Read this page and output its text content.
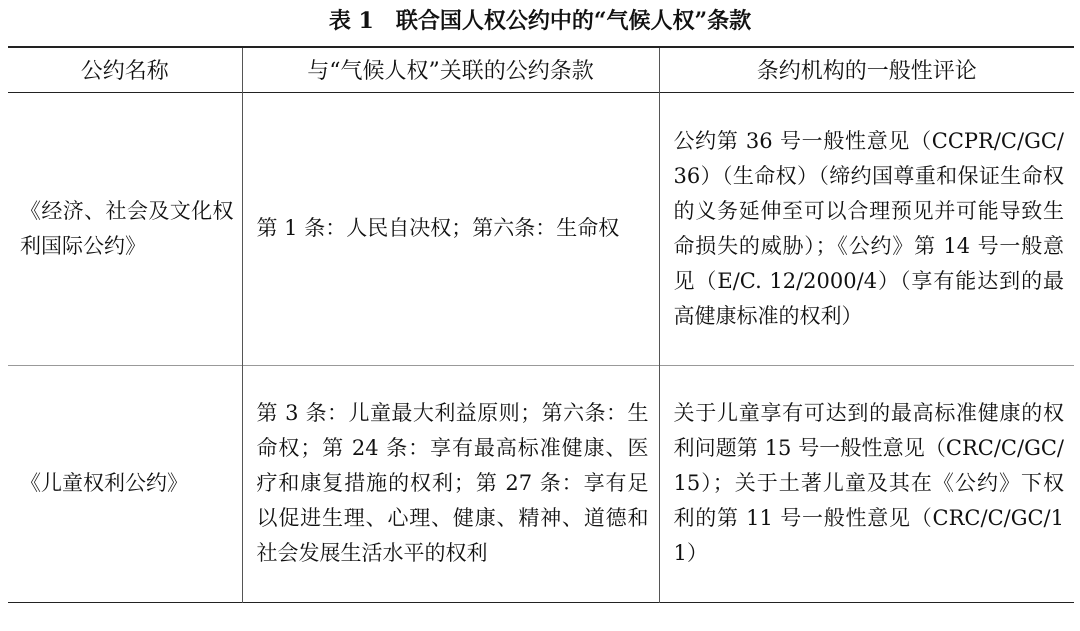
表 1 联合国人权公约中的“气候人权”条款
公约名称	与“气候人权”关联的公约条款	条约机构的一般性评论
《经济、社会及文化权利国际公约》	第 1 条：人民自决权；第六条：生命权	公约第 36 号一般性意见（CCPR/C/GC/36）（生命权）（缔约国尊重和保证生命权的义务延伸至可以合理预见并可能导致生命损失的威胁）；《公约》第 14 号一般意见（E/C. 12/2000/4）（享有能达到的最高健康标准的权利）
《儿童权利公约》	第 3 条：儿童最大利益原则；第六条：生命权；第 24 条：享有最高标准健康、医疗和康复措施的权利；第 27 条：享有足以促进生理、心理、健康、精神、道德和社会发展生活水平的权利	关于儿童享有可达到的最高标准健康的权利问题第 15 号一般性意见（CRC/C/GC/15）；关于土著儿童及其在《公约》下权利的第 11 号一般性意见（CRC/C/GC/11）
